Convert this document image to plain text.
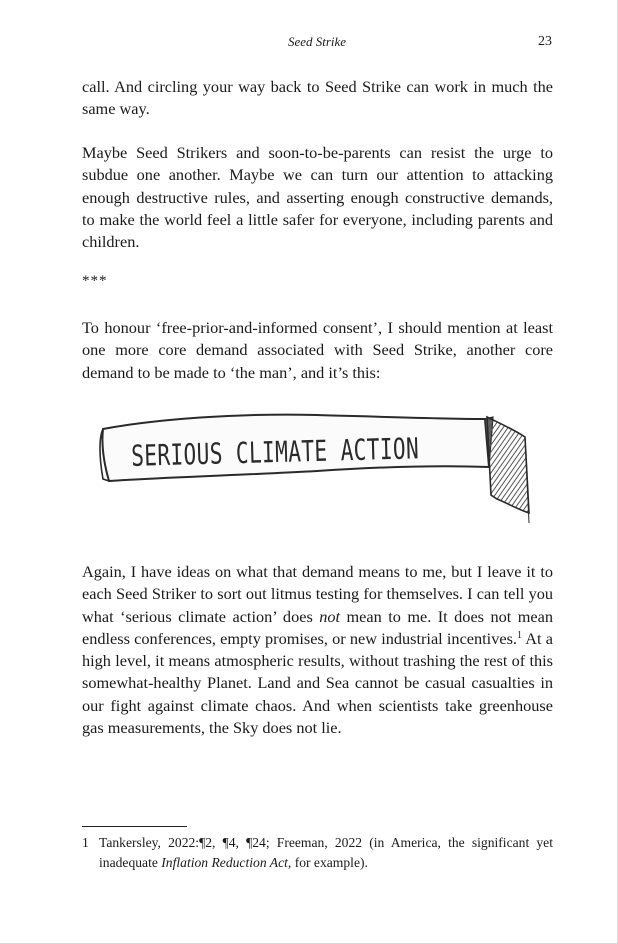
Seed Strike	23

call. And circling your way back to Seed Strike can work in much the same way.

Maybe Seed Strikers and soon-to-be-parents can resist the urge to subdue one another. Maybe we can turn our attention to attacking enough destructive rules, and asserting enough constructive demands, to make the world feel a little safer for everyone, including parents and children.

***

To honour ‘free-prior-and-informed consent’, I should mention at least one more core demand associated with Seed Strike, another core demand to be made to ‘the man’, and it’s this:

SERIOUS CLIMATE ACTION

Again, I have ideas on what that demand means to me, but I leave it to each Seed Striker to sort out litmus testing for themselves. I can tell you what ‘serious climate action’ does not mean to me. It does not mean endless conferences, empty promises, or new industrial incentives.$^1$ At a high level, it means atmospheric results, without trashing the rest of this somewhat-healthy Planet. Land and Sea cannot be casual casualties in our fight against climate chaos. And when scientists take greenhouse gas measurements, the Sky does not lie.

1 Tankersley, 2022:¶2, ¶4, ¶24; Freeman, 2022 (in America, the significant yet inadequate Inflation Reduction Act, for example).
